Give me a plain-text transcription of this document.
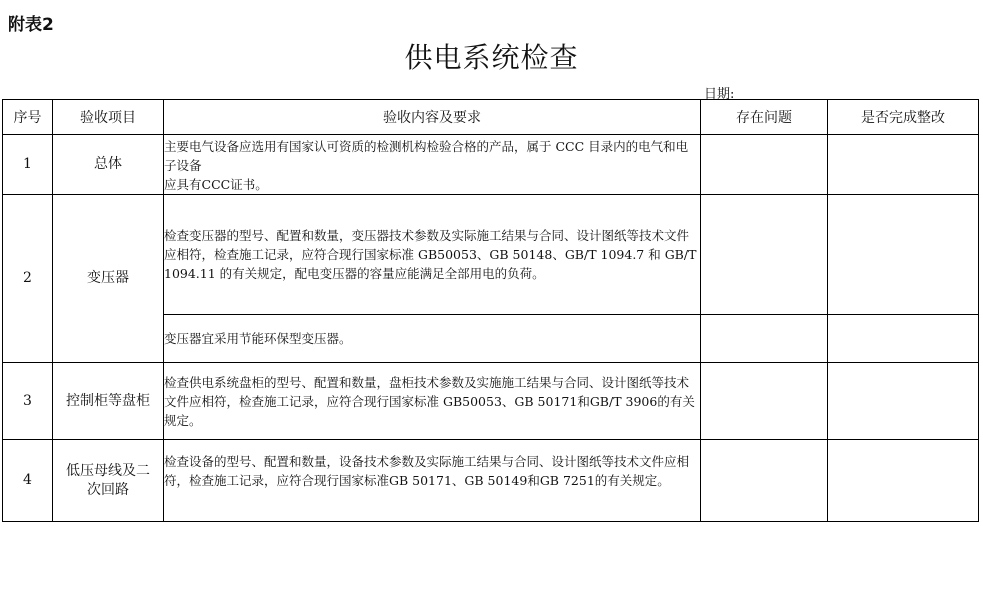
附表2
供电系统检查
日期:
序号	验收项目	验收内容及要求	存在问题	是否完成整改
1	总体	主要电气设备应选用有国家认可资质的检测机构检验合格的产品，属于 CCC 目录内的电气和电子设备
应具有CCC证书。		

2	变压器	检查变压器的型号、配置和数量，变压器技术参数及实际施工结果与合同、设计图纸等技术文件应相符，检查施工记录，应符合现行国家标准 GB50053、GB 50148、GB/T 1094.7 和 GB/T 1094.11 的有关规定，配电变压器的容量应能满足全部用电的负荷。		
		变压器宜采用节能环保型变压器。		
3	控制柜等盘柜	检查供电系统盘柜的型号、配置和数量，盘柜技术参数及实施施工结果与合同、设计图纸等技术文件应相符，检查施工记录，应符合现行国家标准 GB50053、GB 50171和GB/T 3906的有关规定。		
4	低压母线及二次回路	检查设备的型号、配置和数量，设备技术参数及实际施工结果与合同、设计图纸等技术文件应相符，检查施工记录，应符合现行国家标准GB 50171、GB 50149和GB 7251的有关规定。		
